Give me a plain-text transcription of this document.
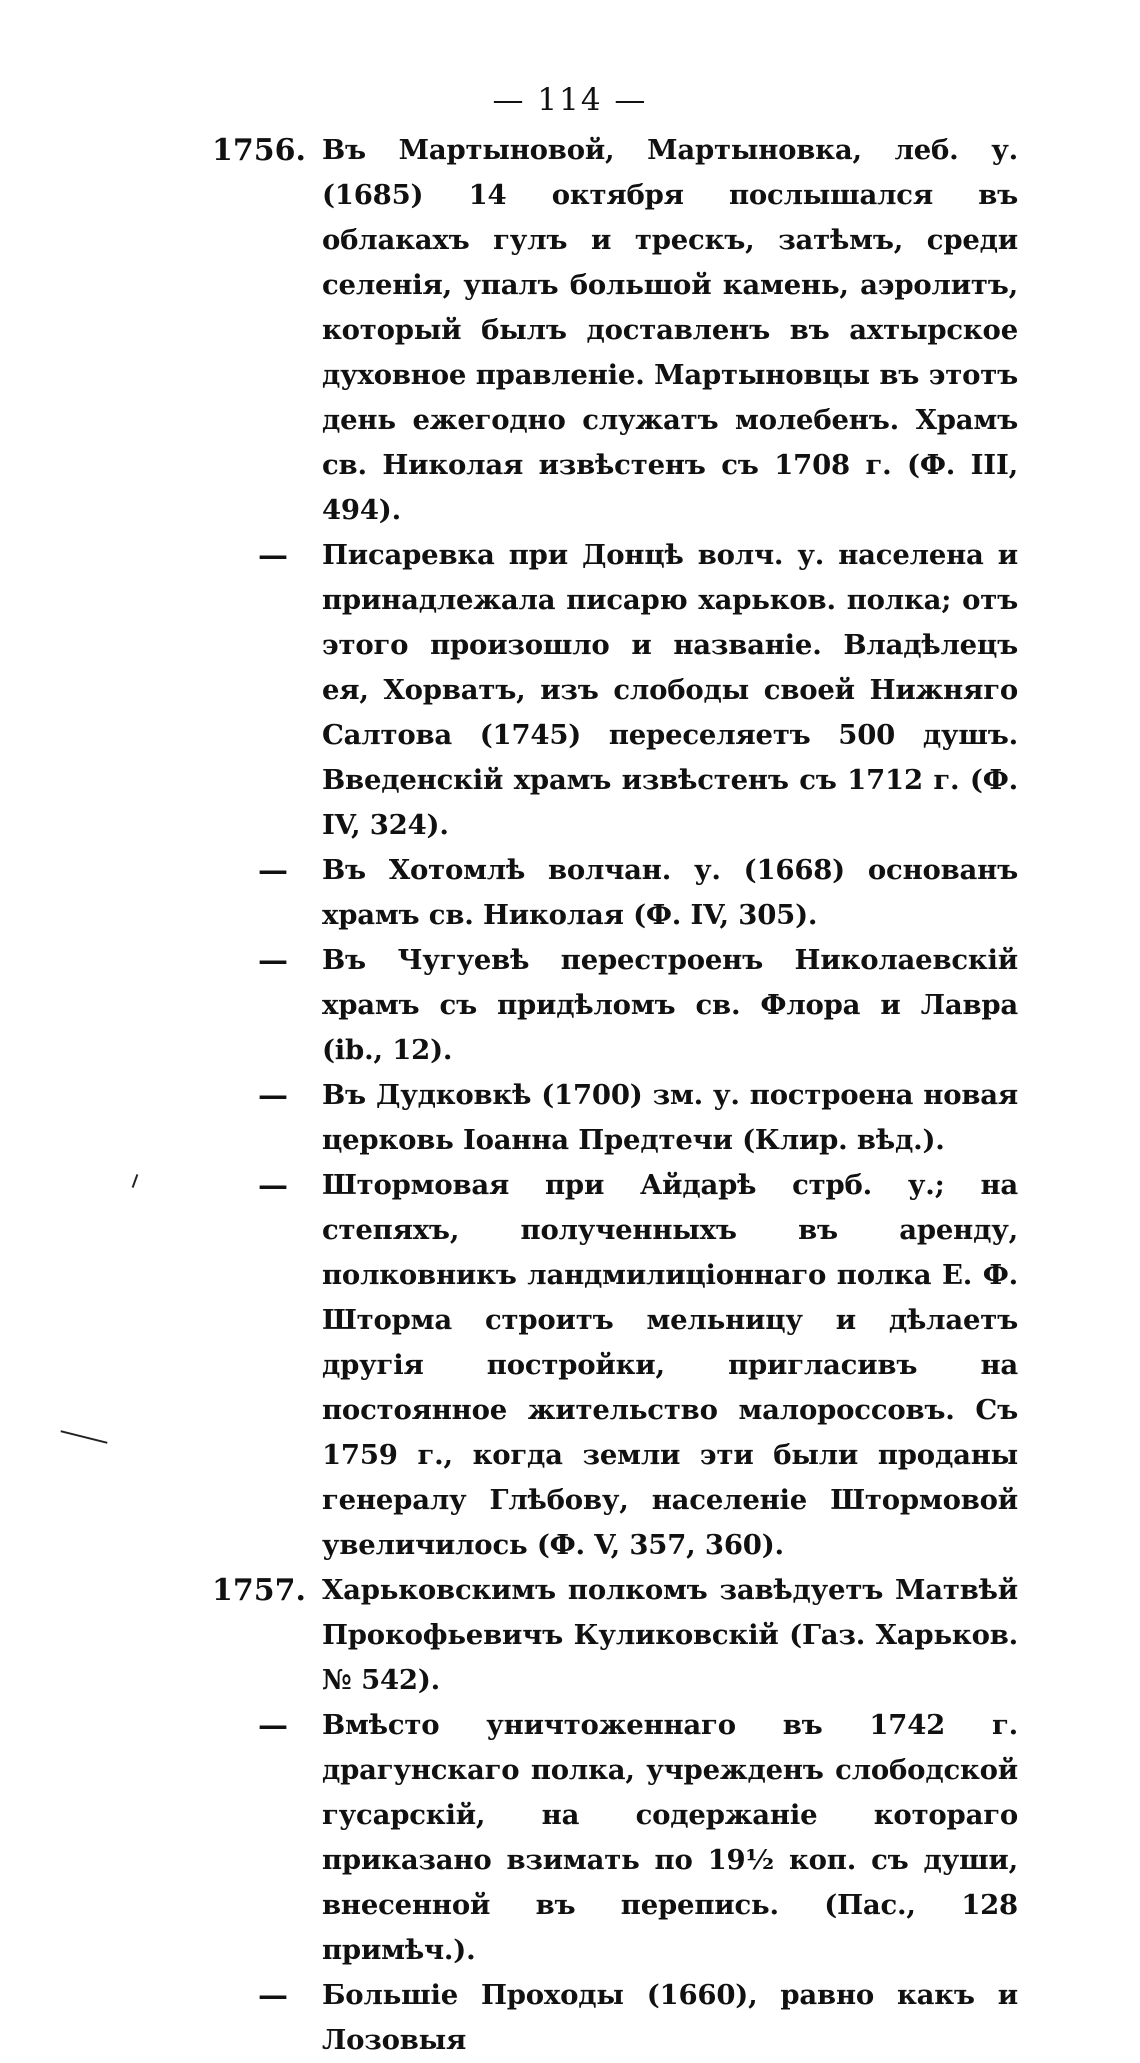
— 114 —
1756. Въ Мартыновой, Мартыновка, леб. у. (1685) 14 октября послышался въ облакахъ гулъ и трескъ, затѣмъ, среди селенія, упалъ большой камень, аэролитъ, который былъ доставленъ въ ахтырское духовное правленіе. Мартыновцы въ этотъ день ежегодно служатъ молебенъ. Храмъ св. Николая извѣстенъ съ 1708 г. (Ф. III, 494).
—	Писаревка при Донцѣ волч. у. населена и принадлежала писарю харьков. полка; отъ этого произошло и названіе. Владѣлецъ ея, Хорватъ, изъ слободы своей Нижняго Салтова (1745) переселяетъ 500 душъ. Введенскій храмъ извѣстенъ съ 1712 г. (Ф. IV, 324).
—	Въ Хотомлѣ волчан. у. (1668) основанъ храмъ св. Николая (Ф. IV, 305).
—	Въ Чугуевѣ перестроенъ Николаевскій храмъ съ придѣломъ св. Флора и Лавра (ib., 12).
—	Въ Дудковкѣ (1700) зм. у. построена новая церковь Іоанна Предтечи (Клир. вѣд.).
—	Штормовая при Айдарѣ стрб. у.; на степяхъ, полученныхъ въ аренду, полковникъ ландмилиціоннаго полка Е. Ф. Шторма строитъ мельницу и дѣлаетъ другія постройки, пригласивъ на постоянное жительство малороссовъ. Съ 1759 г., когда земли эти были проданы генералу Глѣбову, населеніе Штормовой увеличилось (Ф. V, 357, 360).
1757. Харьковскимъ полкомъ завѣдуетъ Матвѣй Прокофьевичъ Куликовскій (Газ. Харьков. № 542).
—	Вмѣсто уничтоженнаго въ 1742 г. драгунскаго полка, учрежденъ слободской гусарскій, на содержаніе котораго приказано взимать по 19½ коп. съ души, внесенной въ перепись. (Пас., 128 примѣч.).
—	Большіе Проходы (1660), равно какъ и Лозовыя
